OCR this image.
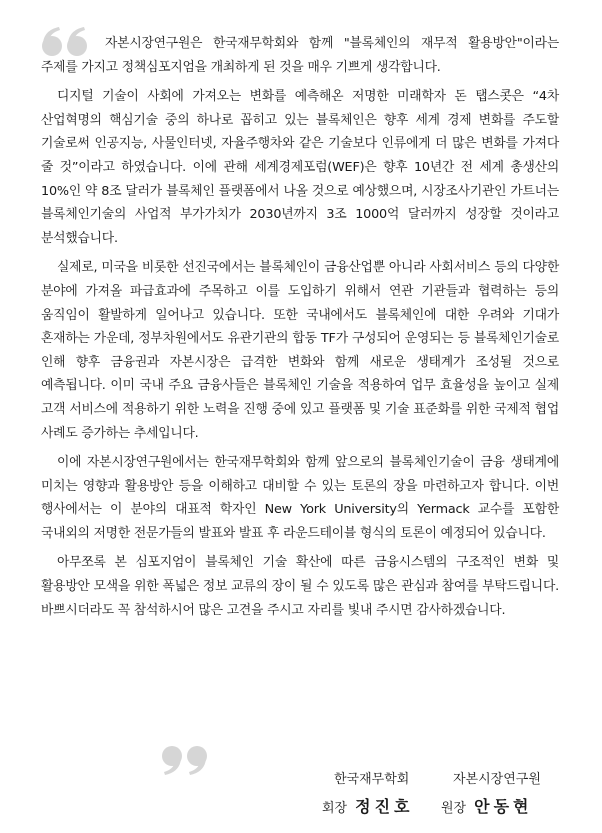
자본시장연구원은 한국재무학회와 함께 "블록체인의 재무적 활용방안"이라는 주제를 가지고 정책심포지엄을 개최하게 된 것을 매우 기쁘게 생각합니다.

디지털 기술이 사회에 가져오는 변화를 예측해온 저명한 미래학자 돈 탭스콧은 “4차 산업혁명의 핵심기술 중의 하나로 꼽히고 있는 블록체인은 향후 세계 경제 변화를 주도할 기술로써 인공지능, 사물인터넷, 자율주행차와 같은 기술보다 인류에게 더 많은 변화를 가져다 줄 것”이라고 하였습니다. 이에 관해 세계경제포럼(WEF)은 향후 10년간 전 세계 총생산의 10%인 약 8조 달러가 블록체인 플랫폼에서 나올 것으로 예상했으며, 시장조사기관인 가트너는 블록체인기술의 사업적 부가가치가 2030년까지 3조 1000억 달러까지 성장할 것이라고 분석했습니다.

실제로, 미국을 비롯한 선진국에서는 블록체인이 금융산업뿐 아니라 사회서비스 등의 다양한 분야에 가져올 파급효과에 주목하고 이를 도입하기 위해서 연관 기관들과 협력하는 등의 움직임이 활발하게 일어나고 있습니다. 또한 국내에서도 블록체인에 대한 우려와 기대가 혼재하는 가운데, 정부차원에서도 유관기관의 합동 TF가 구성되어 운영되는 등 블록체인기술로 인해 향후 금융권과 자본시장은 급격한 변화와 함께 새로운 생태계가 조성될 것으로 예측됩니다. 이미 국내 주요 금융사들은 블록체인 기술을 적용하여 업무 효율성을 높이고 실제 고객 서비스에 적용하기 위한 노력을 진행 중에 있고 플랫폼 및 기술 표준화를 위한 국제적 협업 사례도 증가하는 추세입니다.

이에 자본시장연구원에서는 한국재무학회와 함께 앞으로의 블록체인기술이 금융 생태계에 미치는 영향과 활용방안 등을 이해하고 대비할 수 있는 토론의 장을 마련하고자 합니다. 이번 행사에서는 이 분야의 대표적 학자인 New York University의 Yermack 교수를 포함한 국내외의 저명한 전문가들의 발표와 발표 후 라운드테이블 형식의 토론이 예정되어 있습니다.

아무쪼록 본 심포지엄이 블록체인 기술 확산에 따른 금융시스템의 구조적인 변화 및 활용방안 모색을 위한 폭넓은 정보 교류의 장이 될 수 있도록 많은 관심과 참여를 부탁드립니다. 바쁘시더라도 꼭 참석하시어 많은 고견을 주시고 자리를 빛내 주시면 감사하겠습니다.

한국재무학회
회장 정진호
자본시장연구원
원장 안동현
